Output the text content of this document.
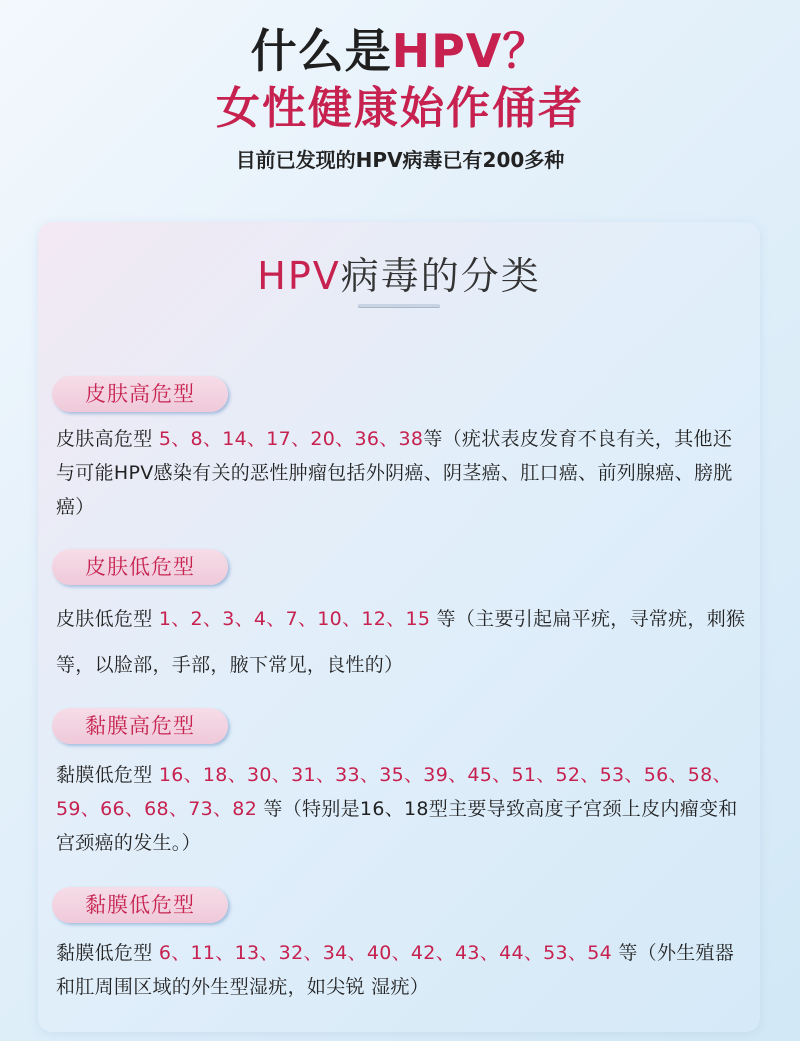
什么是HPV？
女性健康始作俑者
目前已发现的HPV病毒已有200多种
HPV病毒的分类
皮肤高危型
皮肤高危型 5、8、14、17、20、36、38等（疣状表皮发育不良有关，其他还与可能HPV感染有关的恶性肿瘤包括外阴癌、阴茎癌、肛口癌、前列腺癌、膀胱癌）
皮肤低危型
皮肤低危型 1、2、3、4、7、10、12、15 等（主要引起扁平疣，寻常疣，刺猴等，以脸部，手部，腋下常见，良性的）
黏膜高危型
黏膜低危型 16、18、30、31、33、35、39、45、51、52、53、56、58、59、66、68、73、82 等（特别是16、18型主要导致高度子宫颈上皮内瘤变和宫颈癌的发生。）
黏膜低危型
黏膜低危型 6、11、13、32、34、40、42、43、44、53、54 等（外生殖器和肛周围区域的外生型湿疣，如尖锐 湿疣）
